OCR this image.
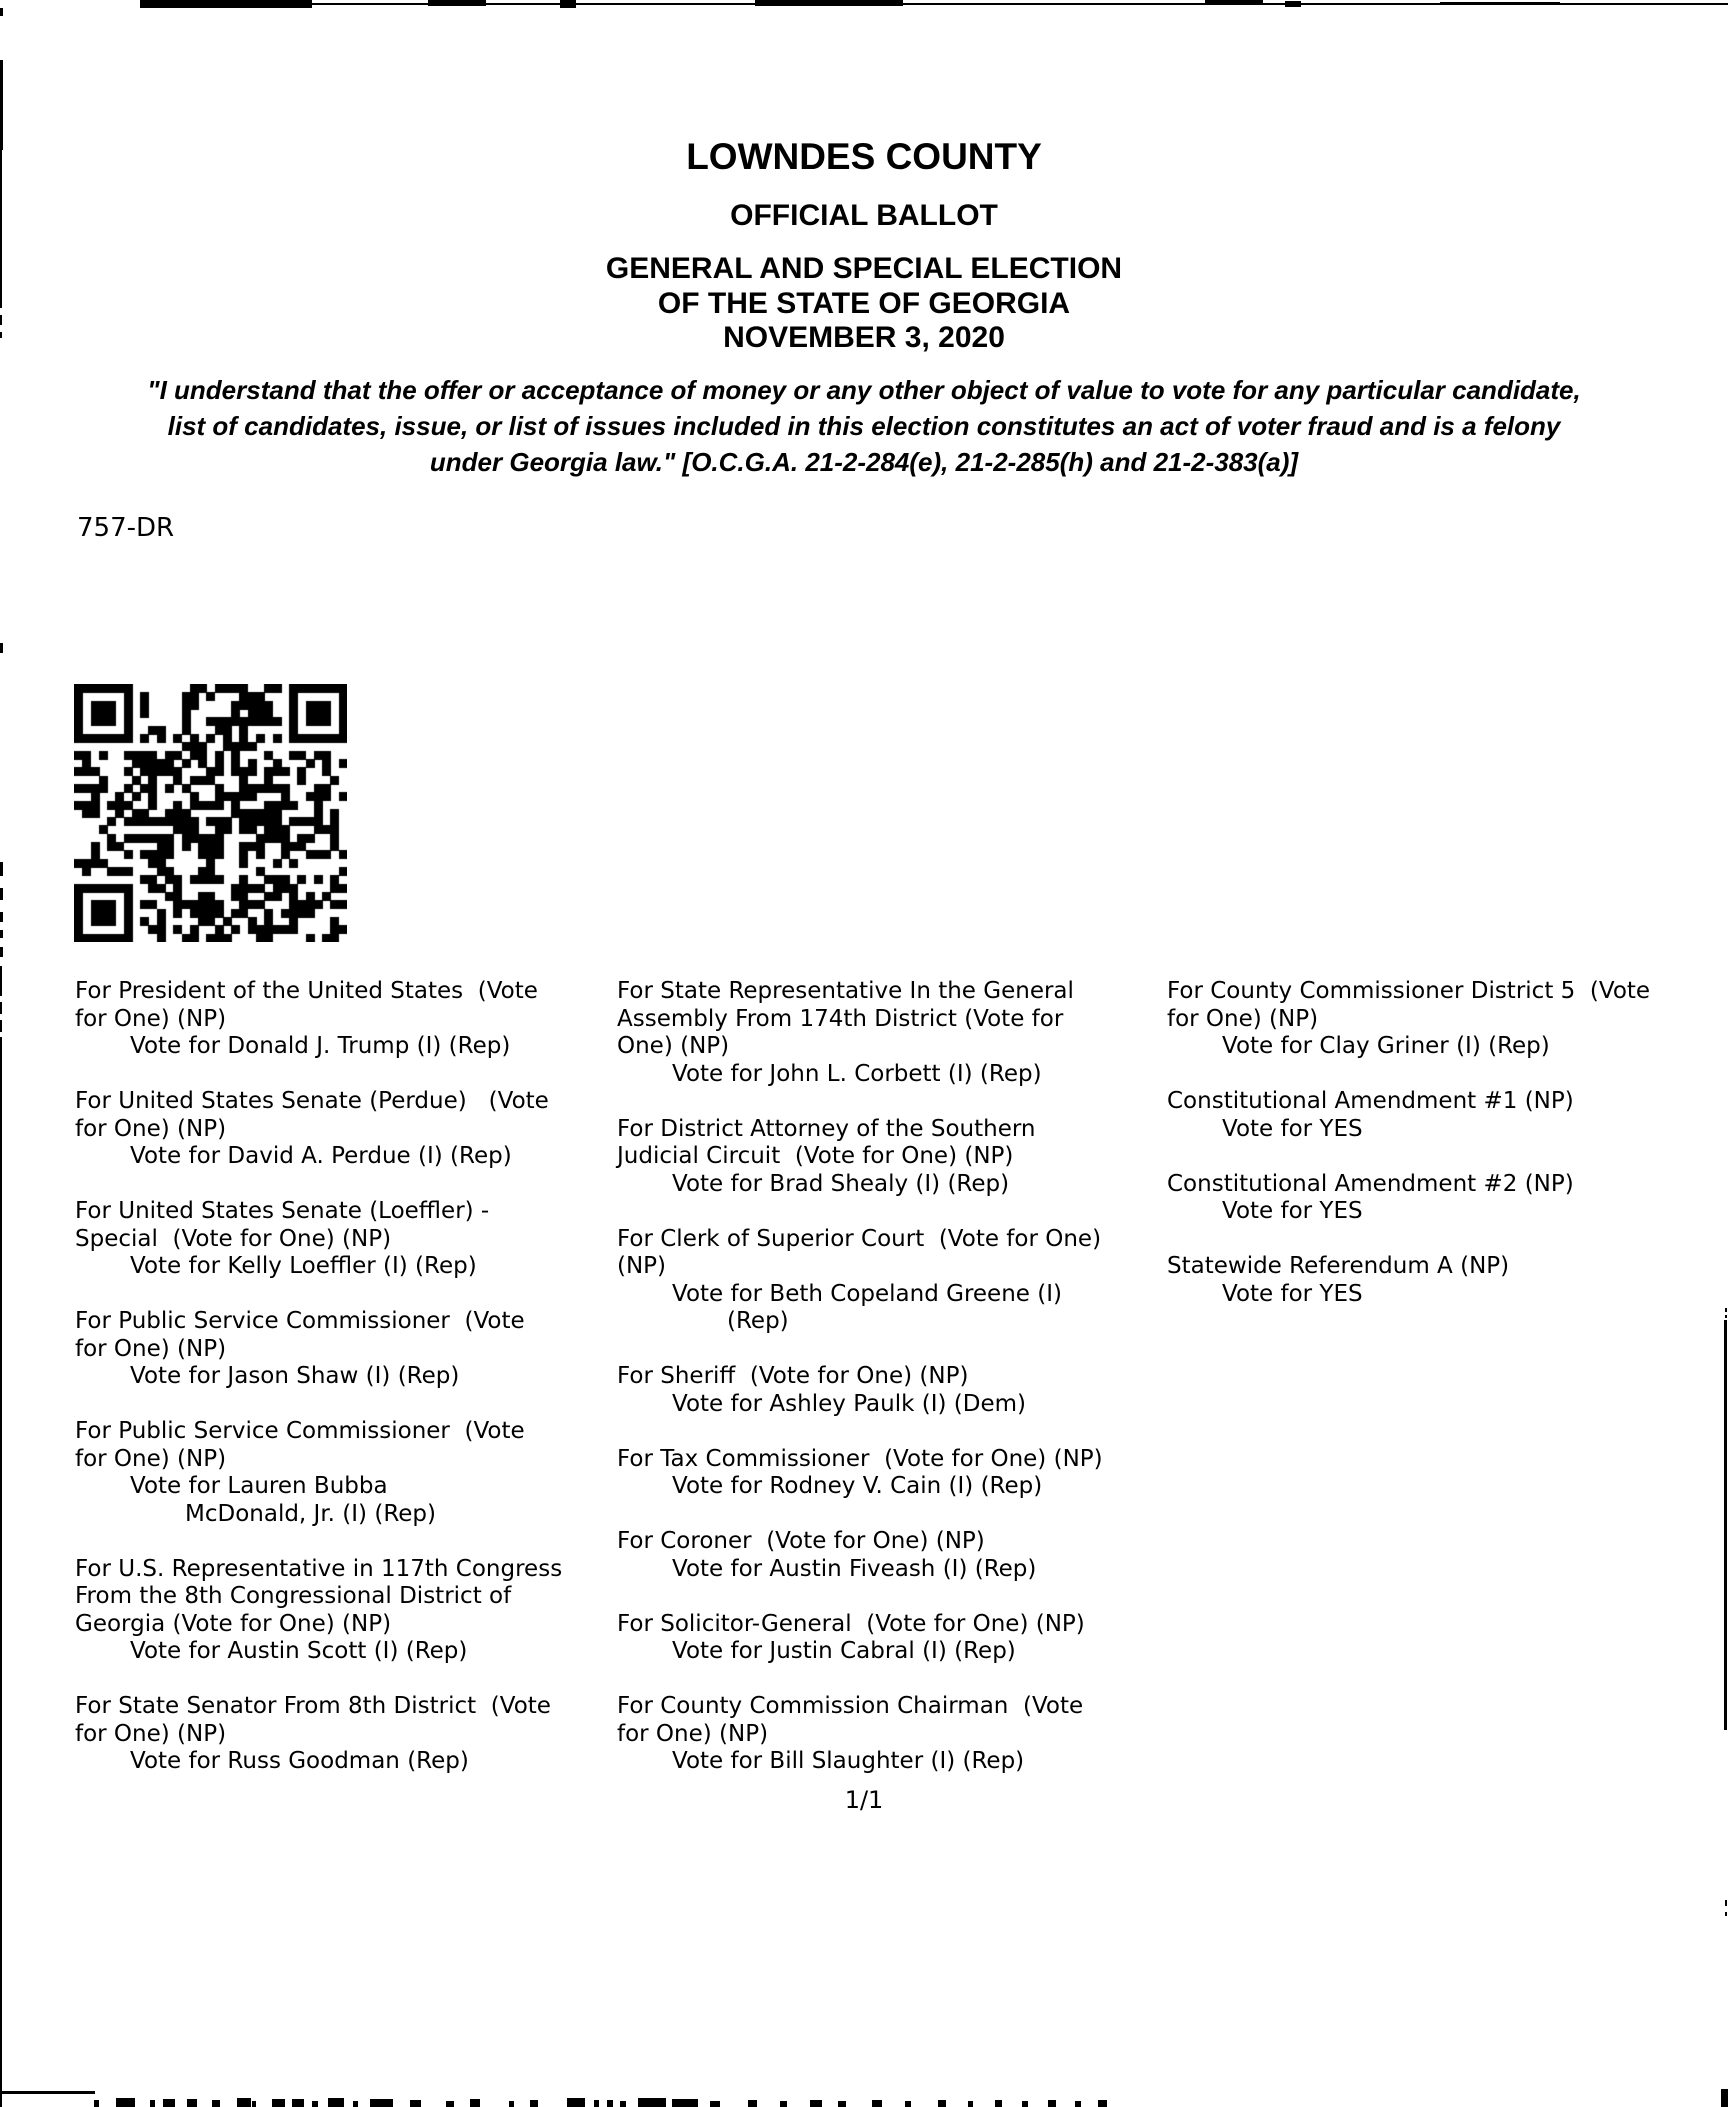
LOWNDES COUNTY
OFFICIAL BALLOT
GENERAL AND SPECIAL ELECTION
OF THE STATE OF GEORGIA
NOVEMBER 3, 2020
"I understand that the offer or acceptance of money or any other object of value to vote for any particular candidate,
list of candidates, issue, or list of issues included in this election constitutes an act of voter fraud and is a felony
under Georgia law." [O.C.G.A. 21-2-284(e), 21-2-285(h) and 21-2-383(a)]
757-DR
For President of the United States  (Vote
for One) (NP)
Vote for Donald J. Trump (I) (Rep)
For United States Senate (Perdue)   (Vote
for One) (NP)
Vote for David A. Perdue (I) (Rep)
For United States Senate (Loeffler) -
Special  (Vote for One) (NP)
Vote for Kelly Loeffler (I) (Rep)
For Public Service Commissioner  (Vote
for One) (NP)
Vote for Jason Shaw (I) (Rep)
For Public Service Commissioner  (Vote
for One) (NP)
Vote for Lauren Bubba
McDonald, Jr. (I) (Rep)
For U.S. Representative in 117th Congress
From the 8th Congressional District of
Georgia (Vote for One) (NP)
Vote for Austin Scott (I) (Rep)
For State Senator From 8th District  (Vote
for One) (NP)
Vote for Russ Goodman (Rep)
For State Representative In the General
Assembly From 174th District (Vote for
One) (NP)
Vote for John L. Corbett (I) (Rep)
For District Attorney of the Southern
Judicial Circuit  (Vote for One) (NP)
Vote for Brad Shealy (I) (Rep)
For Clerk of Superior Court  (Vote for One)
(NP)
Vote for Beth Copeland Greene (I)
(Rep)
For Sheriff  (Vote for One) (NP)
Vote for Ashley Paulk (I) (Dem)
For Tax Commissioner  (Vote for One) (NP)
Vote for Rodney V. Cain (I) (Rep)
For Coroner  (Vote for One) (NP)
Vote for Austin Fiveash (I) (Rep)
For Solicitor-General  (Vote for One) (NP)
Vote for Justin Cabral (I) (Rep)
For County Commission Chairman  (Vote
for One) (NP)
Vote for Bill Slaughter (I) (Rep)
For County Commissioner District 5  (Vote
for One) (NP)
Vote for Clay Griner (I) (Rep)
Constitutional Amendment #1 (NP)
Vote for YES
Constitutional Amendment #2 (NP)
Vote for YES
Statewide Referendum A (NP)
Vote for YES
1/1
